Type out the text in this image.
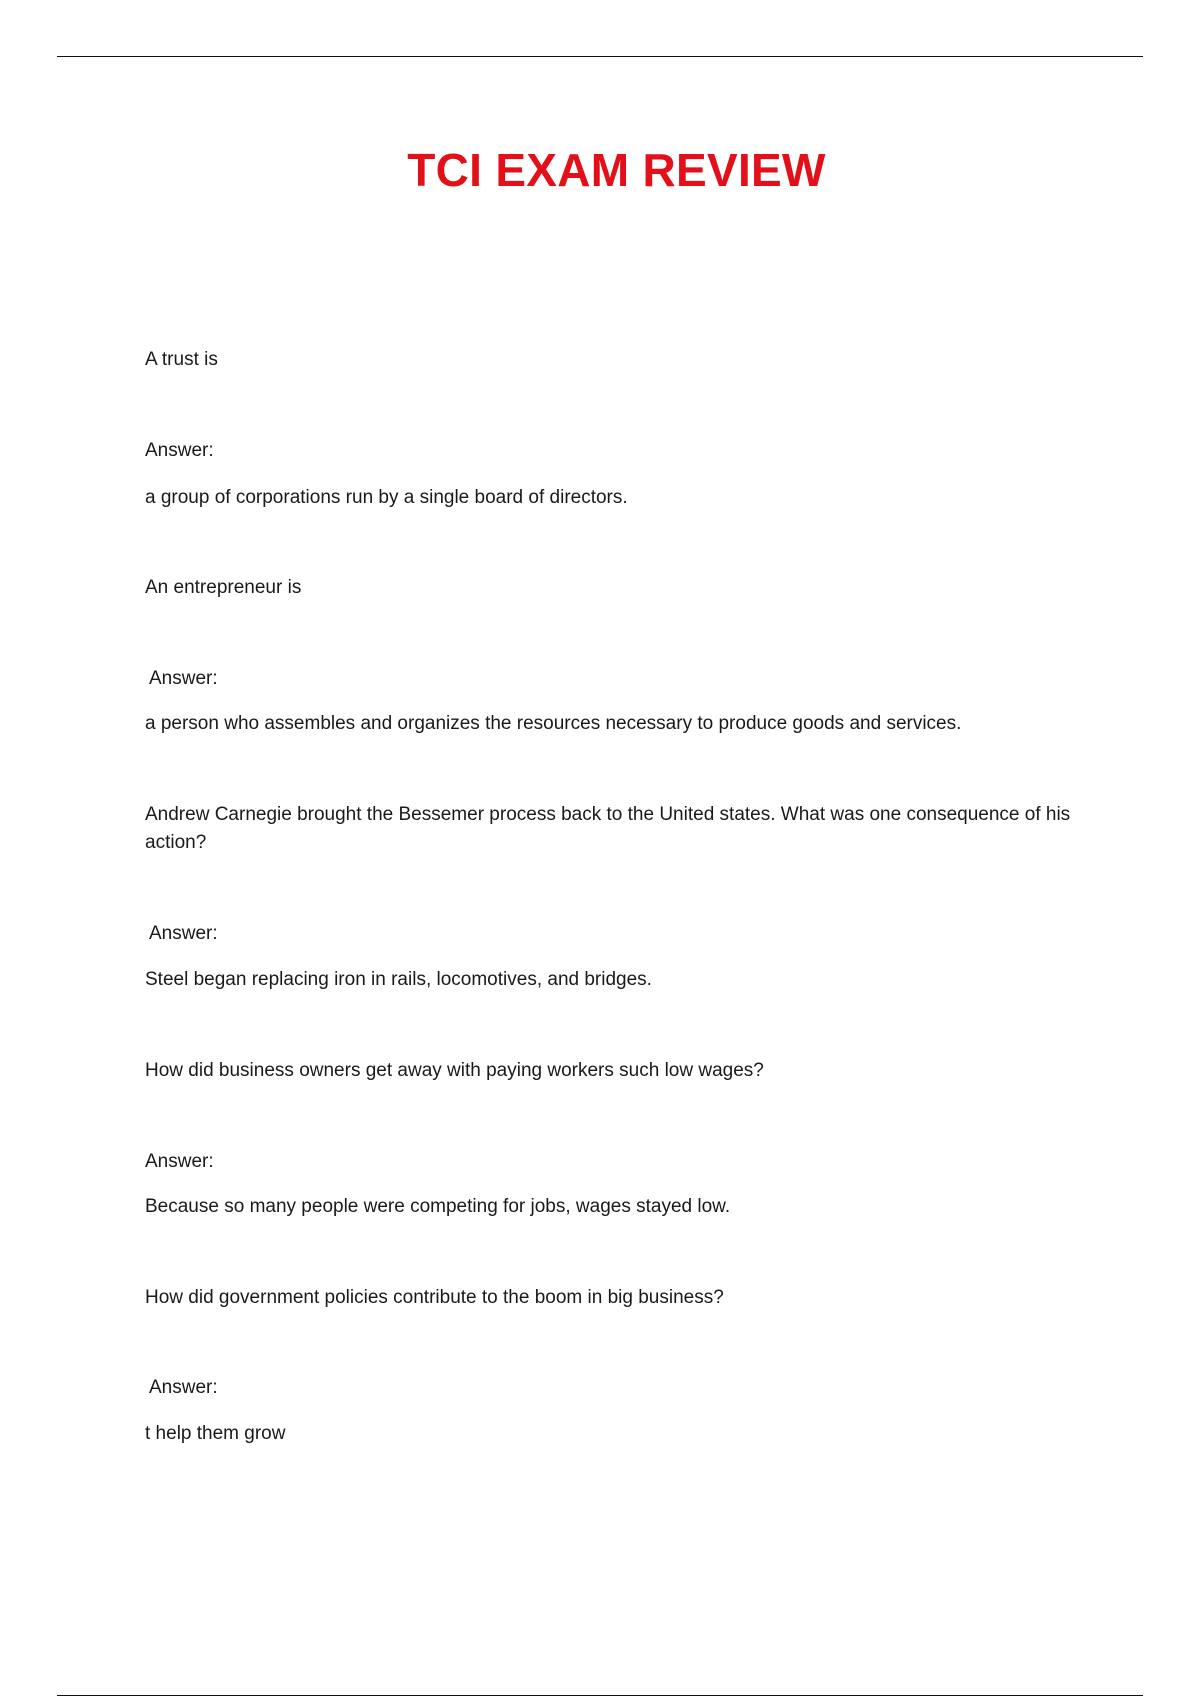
TCI EXAM REVIEW

A trust is

Answer:

a group of corporations run by a single board of directors.

An entrepreneur is

Answer:

a person who assembles and organizes the resources necessary to produce goods and services.

Andrew Carnegie brought the Bessemer process back to the United states. What was one consequence of his action?

Answer:

Steel began replacing iron in rails, locomotives, and bridges.

How did business owners get away with paying workers such low wages?

Answer:

Because so many people were competing for jobs, wages stayed low.

How did government policies contribute to the boom in big business?

Answer:

t help them grow
